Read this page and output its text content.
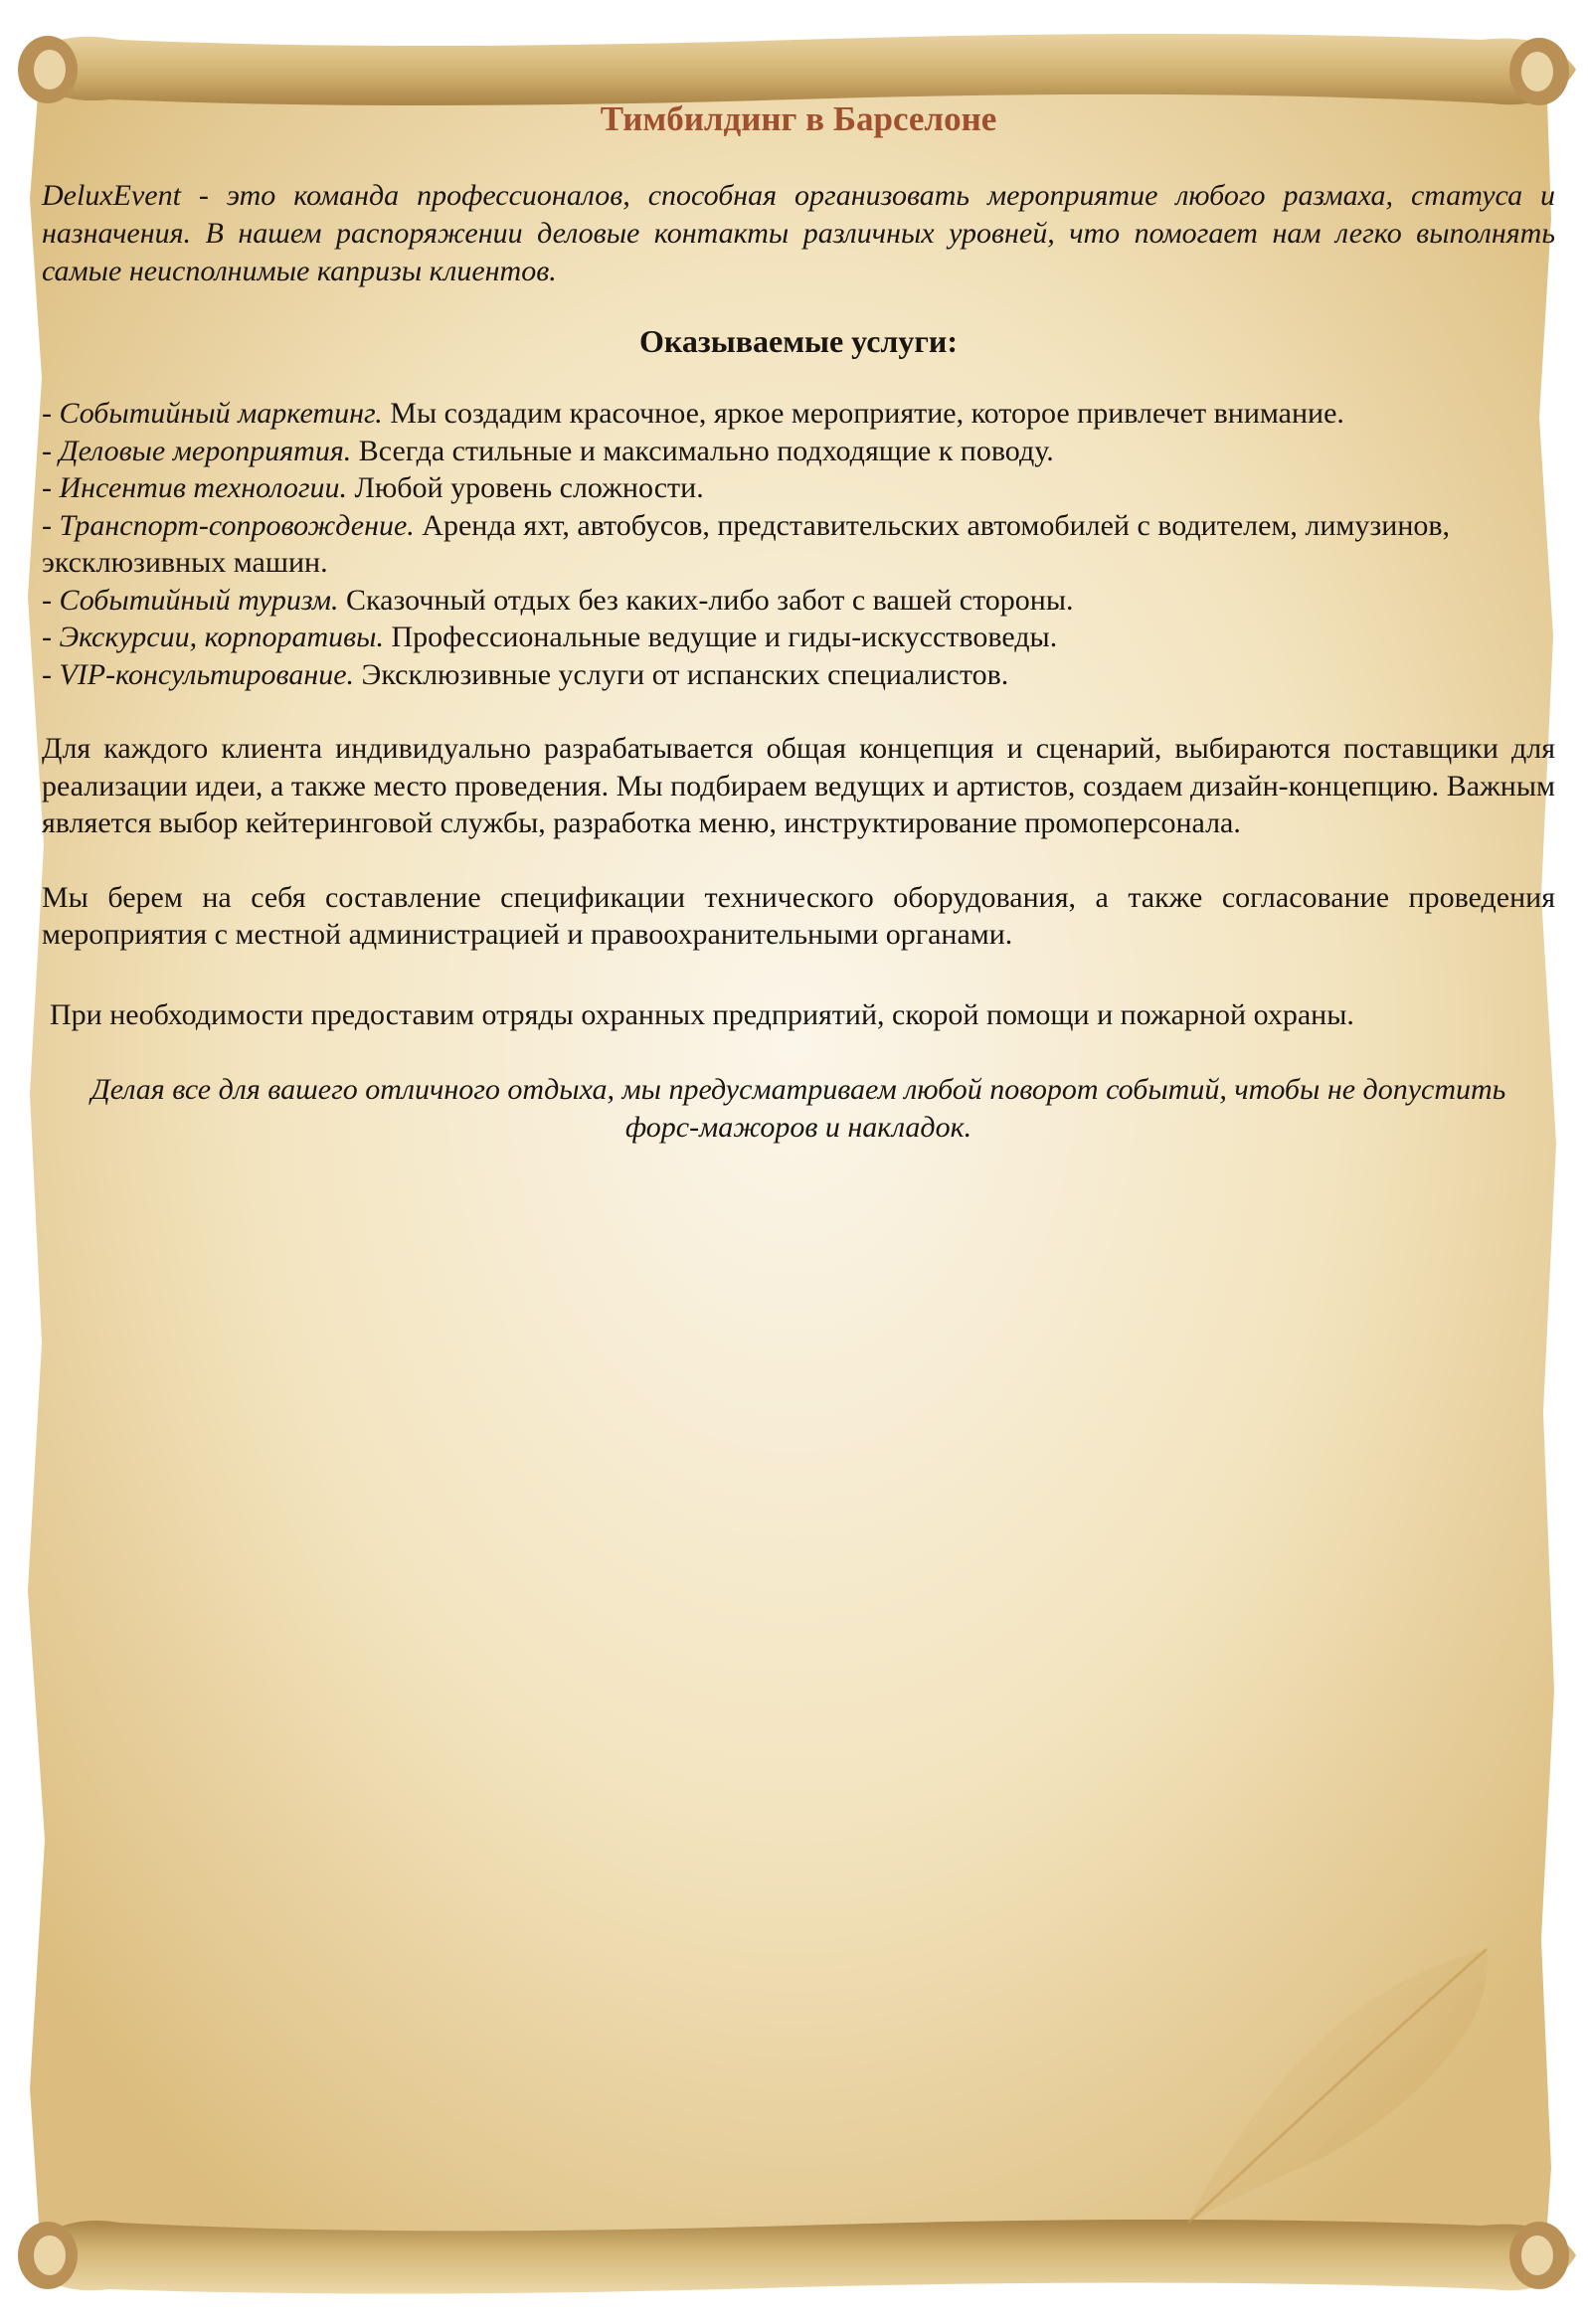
Тимбилдинг в Барселоне

DeluxEvent - это команда профессионалов, способная организовать мероприятие любого размаха, статуса и назначения. В нашем распоряжении деловые контакты различных уровней, что помогает нам легко выполнять самые неисполнимые капризы клиентов.

Оказываемые услуги:
- Событийный маркетинг. Мы создадим красочное, яркое мероприятие, которое привлечет внимание.
- Деловые мероприятия. Всегда стильные и максимально подходящие к поводу.
- Инсентив технологии. Любой уровень сложности.
- Транспорт-сопровождение. Аренда яхт, автобусов, представительских автомобилей с водителем, лимузинов, эксклюзивных машин.
- Событийный туризм. Сказочный отдых без каких-либо забот с вашей стороны.
- Экскурсии, корпоративы. Профессиональные ведущие и гиды-искусствоведы.
- VIP-консультирование. Эксклюзивные услуги от испанских специалистов.

Для каждого клиента индивидуально разрабатывается общая концепция и сценарий, выбираются поставщики для реализации идеи, а также место проведения. Мы подбираем ведущих и артистов, создаем дизайн-концепцию. Важным является выбор кейтеринговой службы, разработка меню, инструктирование промоперсонала.

Мы берем на себя составление спецификации технического оборудования, а также согласование проведения мероприятия с местной администрацией и правоохранительными органами.

При необходимости предоставим отряды охранных предприятий, скорой помощи и пожарной охраны.

Делая все для вашего отличного отдыха, мы предусматриваем любой поворот событий, чтобы не допустить форс-мажоров и накладок.
